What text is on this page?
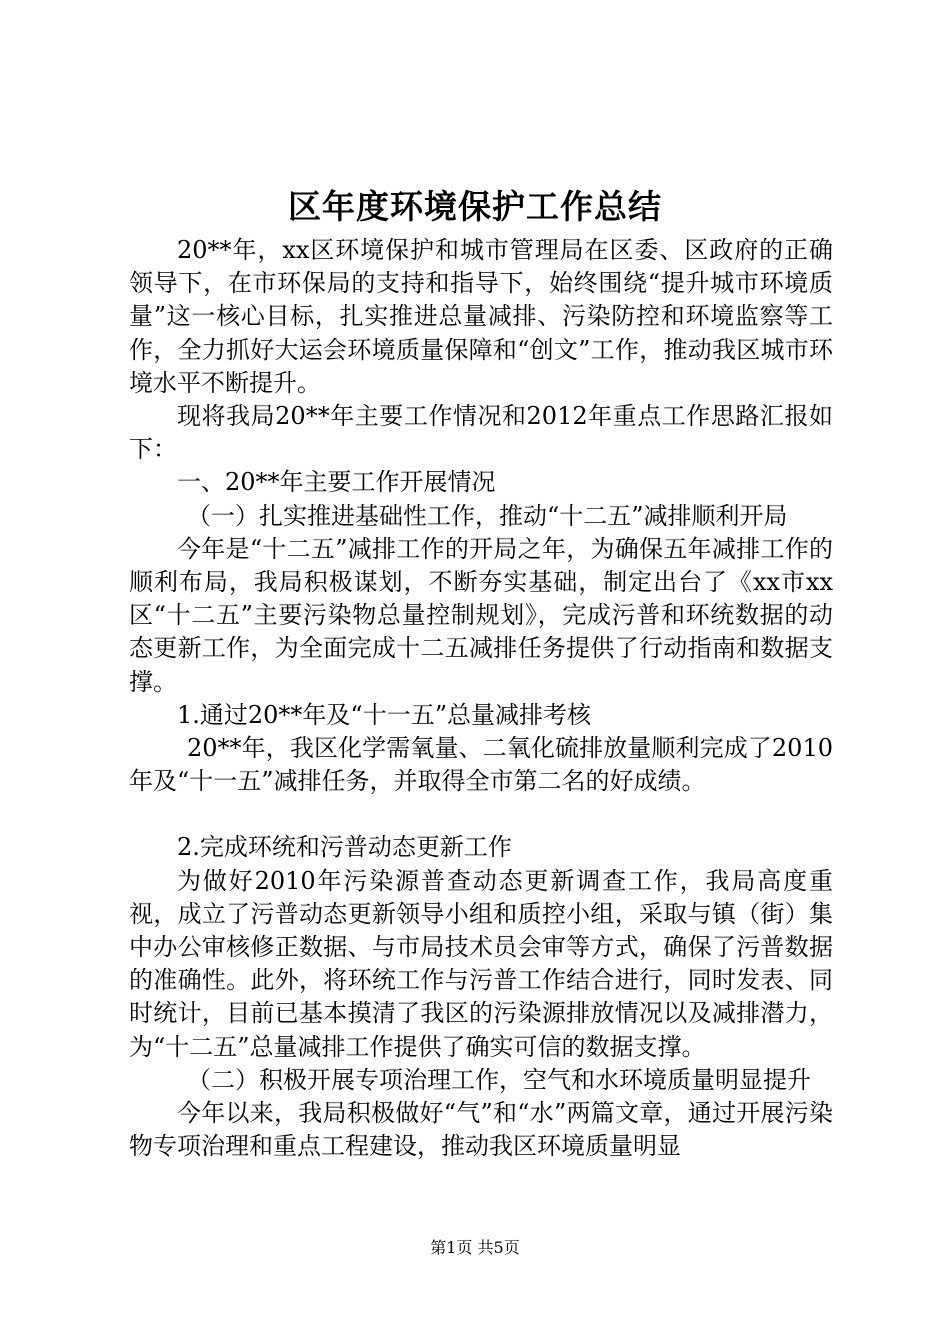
区年度环境保护工作总结

20**年，xx区环境保护和城市管理局在区委、区政府的正确领导下，在市环保局的支持和指导下，始终围绕“提升城市环境质量”这一核心目标，扎实推进总量减排、污染防控和环境监察等工作，全力抓好大运会环境质量保障和“创文”工作，推动我区城市环境水平不断提升。

现将我局20**年主要工作情况和2012年重点工作思路汇报如下：

一、20**年主要工作开展情况

（一）扎实推进基础性工作，推动“十二五”减排顺利开局

今年是“十二五”减排工作的开局之年，为确保五年减排工作的顺利布局，我局积极谋划，不断夯实基础，制定出台了《xx市xx区“十二五”主要污染物总量控制规划》，完成污普和环统数据的动态更新工作，为全面完成十二五减排任务提供了行动指南和数据支撑。

1.通过20**年及“十一五”总量减排考核

20**年，我区化学需氧量、二氧化硫排放量顺利完成了2010年及“十一五”减排任务，并取得全市第二名的好成绩。

2.完成环统和污普动态更新工作

为做好2010年污染源普查动态更新调查工作，我局高度重视，成立了污普动态更新领导小组和质控小组，采取与镇（街）集中办公审核修正数据、与市局技术员会审等方式，确保了污普数据的准确性。此外，将环统工作与污普工作结合进行，同时发表、同时统计，目前已基本摸清了我区的污染源排放情况以及减排潜力，为“十二五”总量减排工作提供了确实可信的数据支撑。

（二）积极开展专项治理工作，空气和水环境质量明显提升

今年以来，我局积极做好“气”和“水”两篇文章，通过开展污染物专项治理和重点工程建设，推动我区环境质量明显

第1页 共5页
